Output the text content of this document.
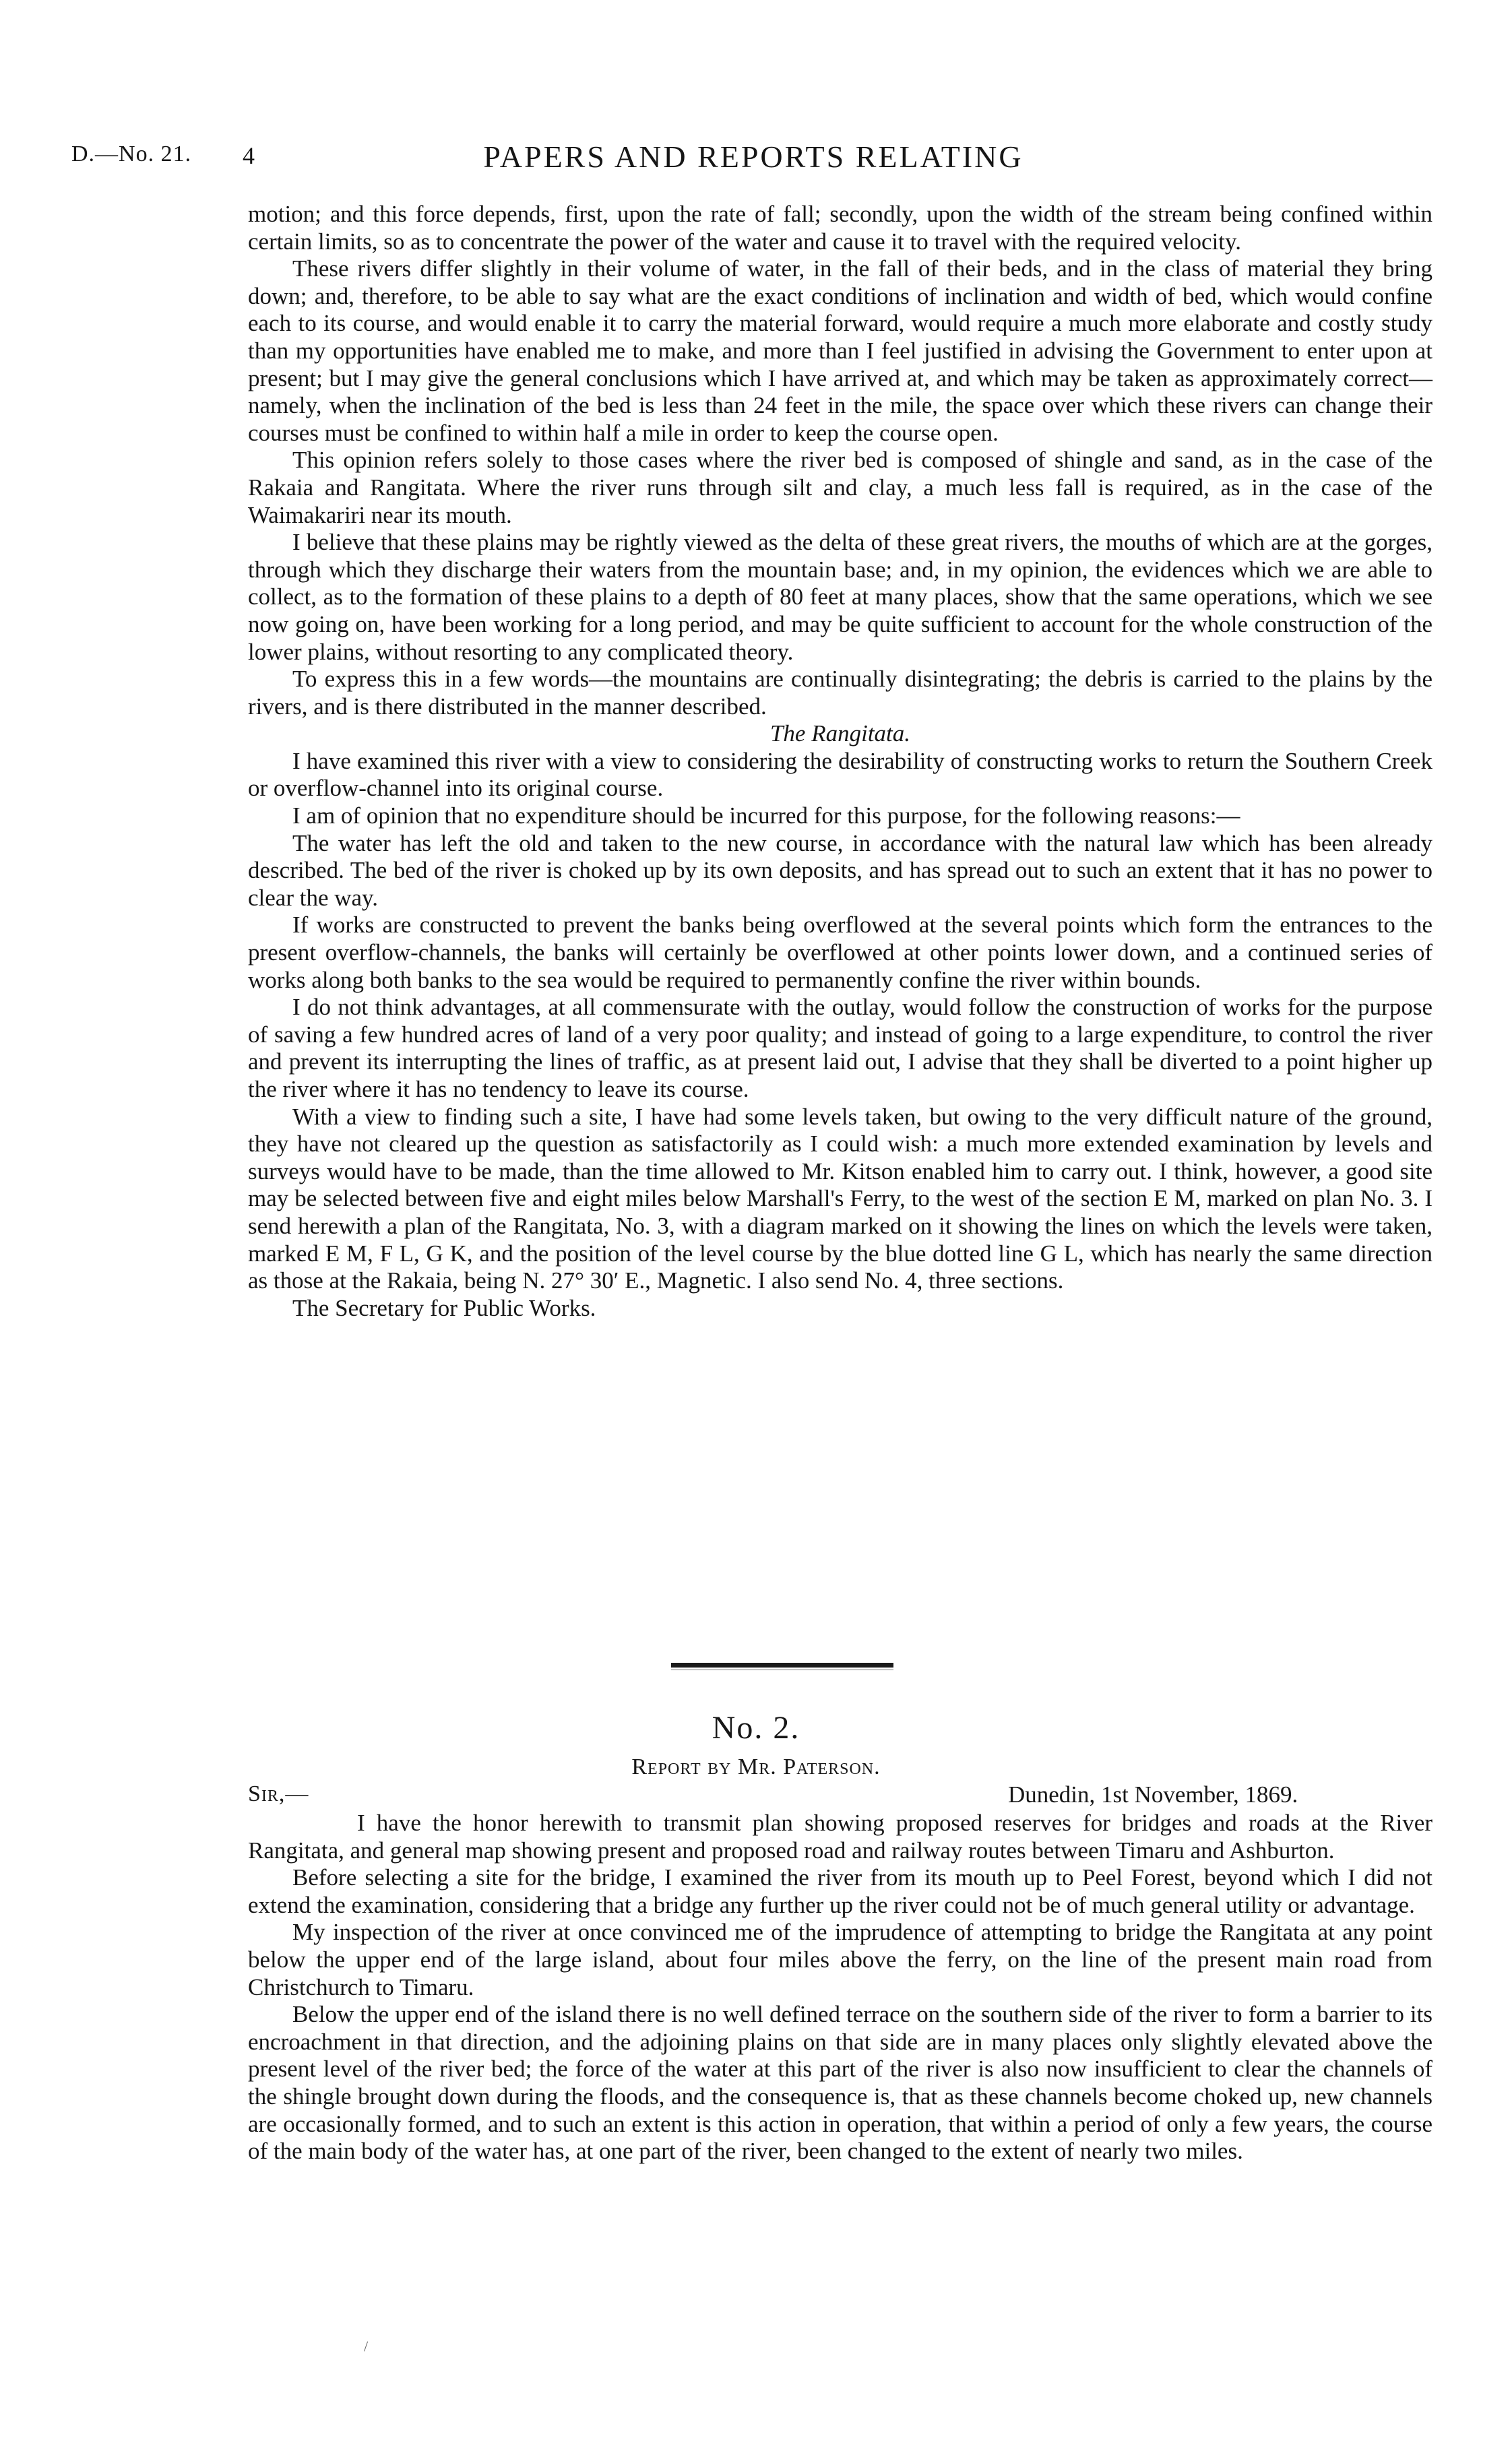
D.—No. 21. 4	PAPERS AND REPORTS RELATING

motion; and this force depends, first, upon the rate of fall; secondly, upon the width of the stream being confined within certain limits, so as to concentrate the power of the water and cause it to travel with the required velocity.

These rivers differ slightly in their volume of water, in the fall of their beds, and in the class of material they bring down; and, therefore, to be able to say what are the exact conditions of inclination and width of bed, which would confine each to its course, and would enable it to carry the material forward, would require a much more elaborate and costly study than my opportunities have enabled me to make, and more than I feel justified in advising the Government to enter upon at present; but I may give the general conclusions which I have arrived at, and which may be taken as approximately correct—namely, when the inclination of the bed is less than 24 feet in the mile, the space over which these rivers can change their courses must be confined to within half a mile in order to keep the course open.

This opinion refers solely to those cases where the river bed is composed of shingle and sand, as in the case of the Rakaia and Rangitata. Where the river runs through silt and clay, a much less fall is required, as in the case of the Waimakariri near its mouth.

I believe that these plains may be rightly viewed as the delta of these great rivers, the mouths of which are at the gorges, through which they discharge their waters from the mountain base; and, in my opinion, the evidences which we are able to collect, as to the formation of these plains to a depth of 80 feet at many places, show that the same operations, which we see now going on, have been working for a long period, and may be quite sufficient to account for the whole construction of the lower plains, without resorting to any complicated theory.

To express this in a few words—the mountains are continually disintegrating; the debris is carried to the plains by the rivers, and is there distributed in the manner described.

The Rangitata.

I have examined this river with a view to considering the desirability of constructing works to return the Southern Creek or overflow-channel into its original course.

I am of opinion that no expenditure should be incurred for this purpose, for the following reasons:—

The water has left the old and taken to the new course, in accordance with the natural law which has been already described. The bed of the river is choked up by its own deposits, and has spread out to such an extent that it has no power to clear the way.

If works are constructed to prevent the banks being overflowed at the several points which form the entrances to the present overflow-channels, the banks will certainly be overflowed at other points lower down, and a continued series of works along both banks to the sea would be required to permanently confine the river within bounds.

I do not think advantages, at all commensurate with the outlay, would follow the construction of works for the purpose of saving a few hundred acres of land of a very poor quality; and instead of going to a large expenditure, to control the river and prevent its interrupting the lines of traffic, as at present laid out, I advise that they shall be diverted to a point higher up the river where it has no tendency to leave its course.

With a view to finding such a site, I have had some levels taken, but owing to the very difficult nature of the ground, they have not cleared up the question as satisfactorily as I could wish: a much more extended examination by levels and surveys would have to be made, than the time allowed to Mr. Kitson enabled him to carry out. I think, however, a good site may be selected between five and eight miles below Marshall's Ferry, to the west of the section E M, marked on plan No. 3. I send herewith a plan of the Rangitata, No. 3, with a diagram marked on it showing the lines on which the levels were taken, marked E M, F L, G K, and the position of the level course by the blue dotted line G L, which has nearly the same direction as those at the Rakaia, being N. 27° 30′ E., Magnetic. I also send No. 4, three sections.

The Secretary for Public Works.

No. 2.
Report by Mr. Paterson.
Sir,—	Dunedin, 1st November, 1869.

I have the honor herewith to transmit plan showing proposed reserves for bridges and roads at the River Rangitata, and general map showing present and proposed road and railway routes between Timaru and Ashburton.

Before selecting a site for the bridge, I examined the river from its mouth up to Peel Forest, beyond which I did not extend the examination, considering that a bridge any further up the river could not be of much general utility or advantage.

My inspection of the river at once convinced me of the imprudence of attempting to bridge the Rangitata at any point below the upper end of the large island, about four miles above the ferry, on the line of the present main road from Christchurch to Timaru.

Below the upper end of the island there is no well defined terrace on the southern side of the river to form a barrier to its encroachment in that direction, and the adjoining plains on that side are in many places only slightly elevated above the present level of the river bed; the force of the water at this part of the river is also now insufficient to clear the channels of the shingle brought down during the floods, and the consequence is, that as these channels become choked up, new channels are occasionally formed, and to such an extent is this action in operation, that within a period of only a few years, the course of the main body of the water has, at one part of the river, been changed to the extent of nearly two miles.

/
